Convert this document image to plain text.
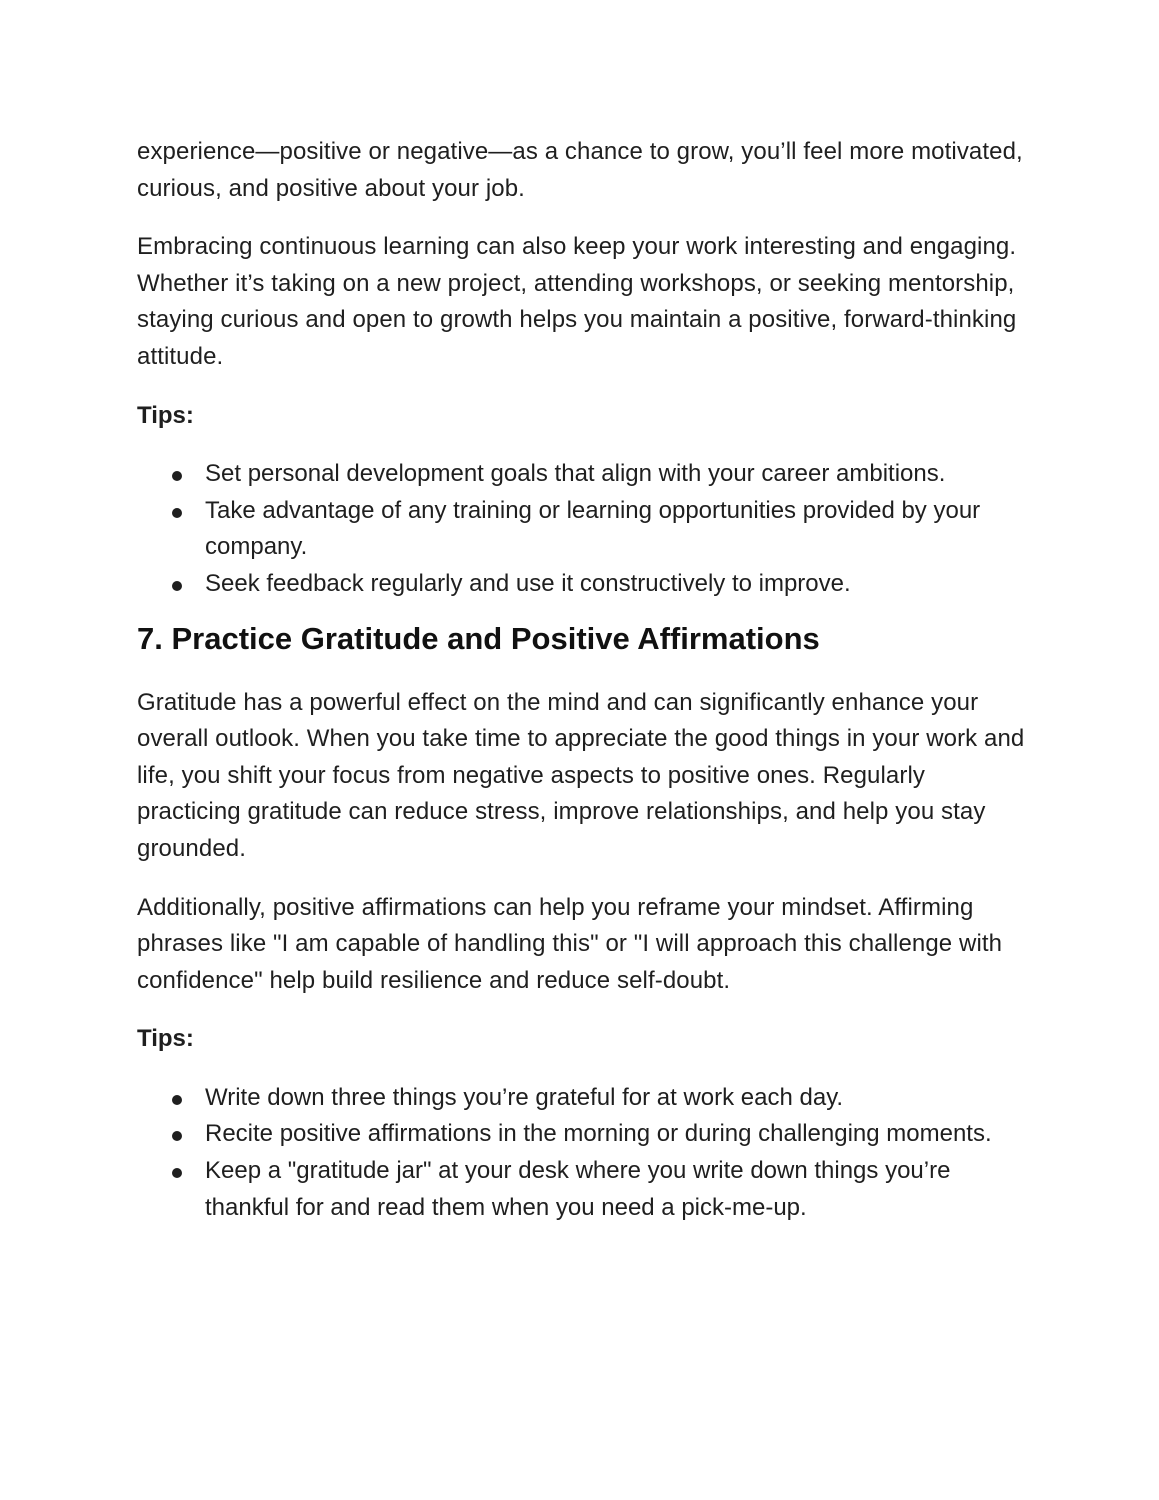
experience—positive or negative—as a chance to grow, you’ll feel more motivated, curious, and positive about your job.

Embracing continuous learning can also keep your work interesting and engaging. Whether it’s taking on a new project, attending workshops, or seeking mentorship, staying curious and open to growth helps you maintain a positive, forward-thinking attitude.

Tips:

Set personal development goals that align with your career ambitions.
Take advantage of any training or learning opportunities provided by your company.
Seek feedback regularly and use it constructively to improve.
7. Practice Gratitude and Positive Affirmations

Gratitude has a powerful effect on the mind and can significantly enhance your overall outlook. When you take time to appreciate the good things in your work and life, you shift your focus from negative aspects to positive ones. Regularly practicing gratitude can reduce stress, improve relationships, and help you stay grounded.

Additionally, positive affirmations can help you reframe your mindset. Affirming phrases like "I am capable of handling this" or "I will approach this challenge with confidence" help build resilience and reduce self-doubt.

Tips:

Write down three things you’re grateful for at work each day.
Recite positive affirmations in the morning or during challenging moments.
Keep a "gratitude jar" at your desk where you write down things you’re thankful for and read them when you need a pick-me-up.
